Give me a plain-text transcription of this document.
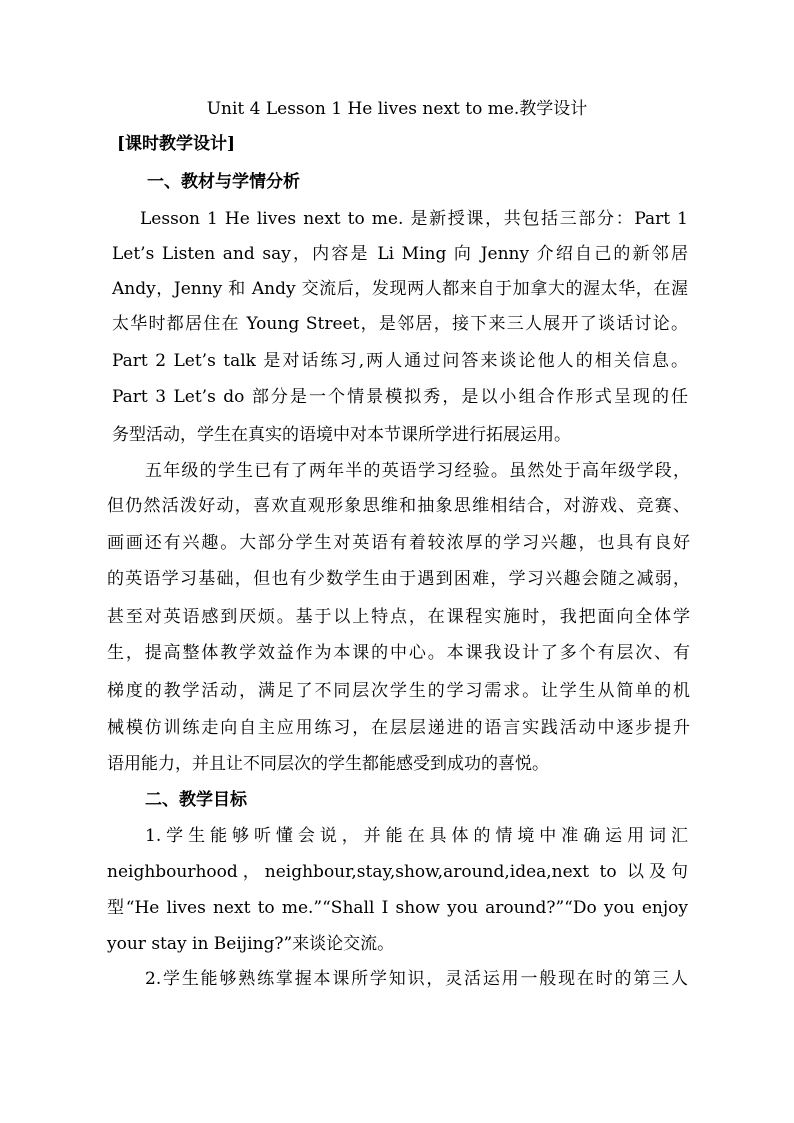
Unit 4 Lesson 1 He lives next to me.教学设计
[课时教学设计]
一、教材与学情分析
Lesson 1 He lives next to me. 是新授课，共包括三部分：Part 1
Let’s Listen and say，内容是 Li Ming 向 Jenny 介绍自己的新邻居
Andy，Jenny 和 Andy 交流后，发现两人都来自于加拿大的渥太华，在渥
太华时都居住在 Young Street，是邻居，接下来三人展开了谈话讨论。
Part 2 Let’s talk 是对话练习,两人通过问答来谈论他人的相关信息。
Part 3 Let’s do 部分是一个情景模拟秀，是以小组合作形式呈现的任
务型活动，学生在真实的语境中对本节课所学进行拓展运用。
五年级的学生已有了两年半的英语学习经验。虽然处于高年级学段，
但仍然活泼好动，喜欢直观形象思维和抽象思维相结合，对游戏、竞赛、
画画还有兴趣。大部分学生对英语有着较浓厚的学习兴趣，也具有良好
的英语学习基础，但也有少数学生由于遇到困难，学习兴趣会随之减弱，
甚至对英语感到厌烦。基于以上特点，在课程实施时，我把面向全体学
生，提高整体教学效益作为本课的中心。本课我设计了多个有层次、有
梯度的教学活动，满足了不同层次学生的学习需求。让学生从简单的机
械模仿训练走向自主应用练习，在层层递进的语言实践活动中逐步提升
语用能力，并且让不同层次的学生都能感受到成功的喜悦。
二、教学目标
1.学生能够听懂会说，并能在具体的情境中准确运用词汇
neighbourhood，neighbour,stay,show,around,idea,next to 以及句
型“He lives next to me.”“Shall I show you around?”“Do you enjoy
your stay in Beijing?”来谈论交流。
2.学生能够熟练掌握本课所学知识，灵活运用一般现在时的第三人
